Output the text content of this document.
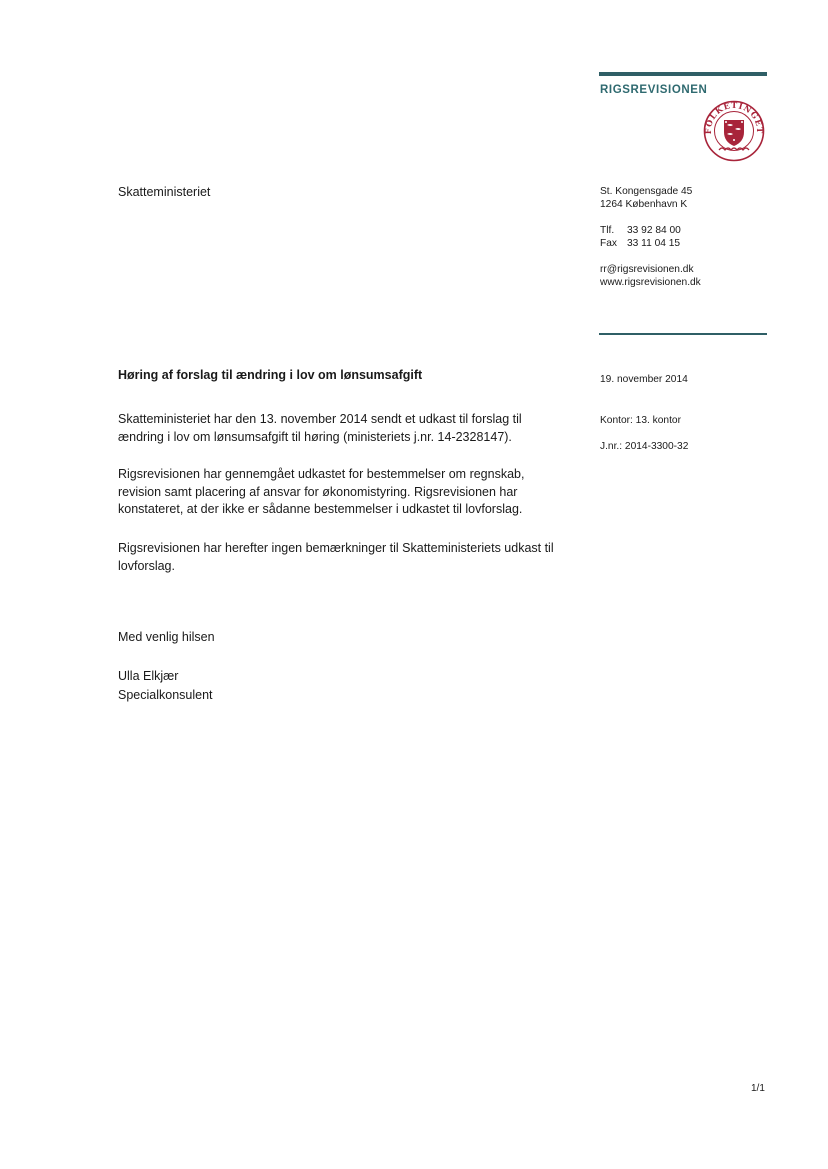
RIGSREVISIONEN
FOLKETINGET
Skatteministeriet	St. Kongensgade 45
1264 København K
Tlf. 33 92 84 00
Fax 33 11 04 15
rr@rigsrevisionen.dk
www.rigsrevisionen.dk
19. november 2014
Kontor: 13. kontor
J.nr.: 2014-3300-32
Høring af forslag til ændring i lov om lønsumsafgift

Skatteministeriet har den 13. november 2014 sendt et udkast til forslag til ændring i lov om lønsumsafgift til høring (ministeriets j.nr. 14-2328147).

Rigsrevisionen har gennemgået udkastet for bestemmelser om regnskab, revision samt placering af ansvar for økonomistyring. Rigsrevisionen har konstateret, at der ikke er sådanne bestemmelser i udkastet til lovforslag.

Rigsrevisionen har herefter ingen bemærkninger til Skatteministeriets udkast til lovforslag.

Med venlig hilsen
Ulla Elkjær
Specialkonsulent
1/1
